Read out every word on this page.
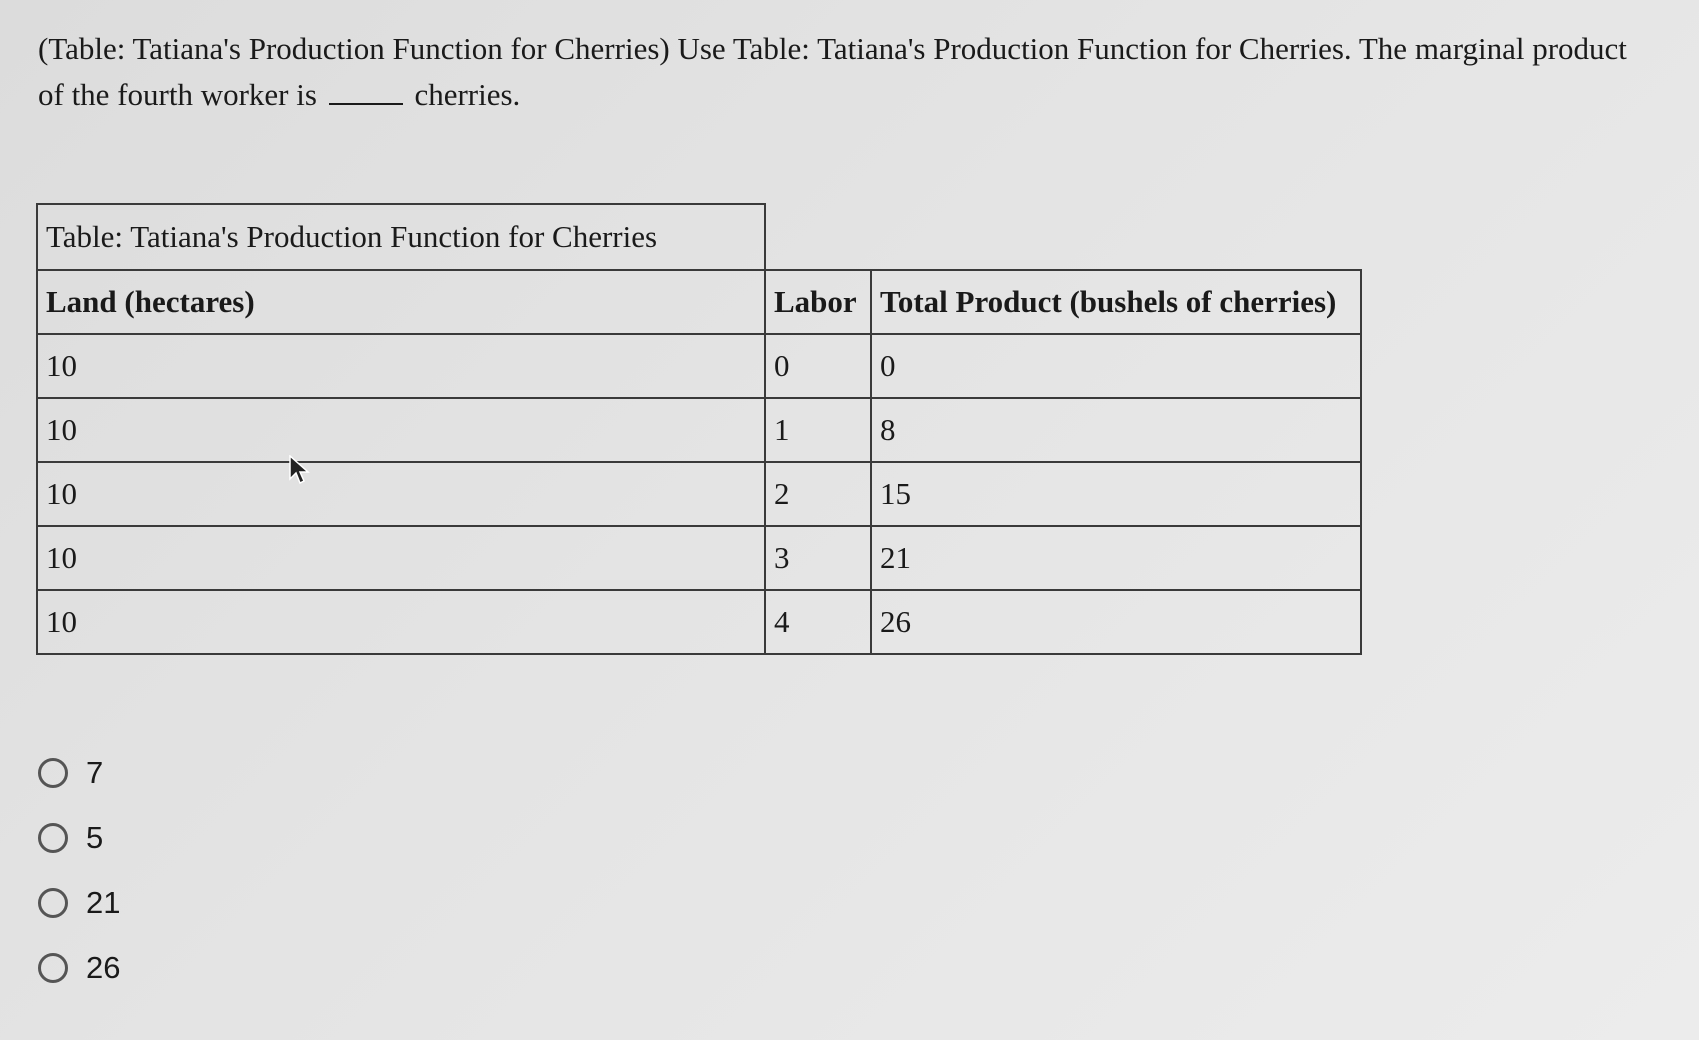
(Table: Tatiana's Production Function for Cherries) Use Table: Tatiana's Production Function for Cherries. The marginal product of the fourth worker is	cherries.

Table: Tatiana's Production Function for Cherries		
Land (hectares)	Labor	Total Product (bushels of cherries)
10	0	0
10	1	8
10	2	15
10	3	21
10	4	26
7
5
21
26
